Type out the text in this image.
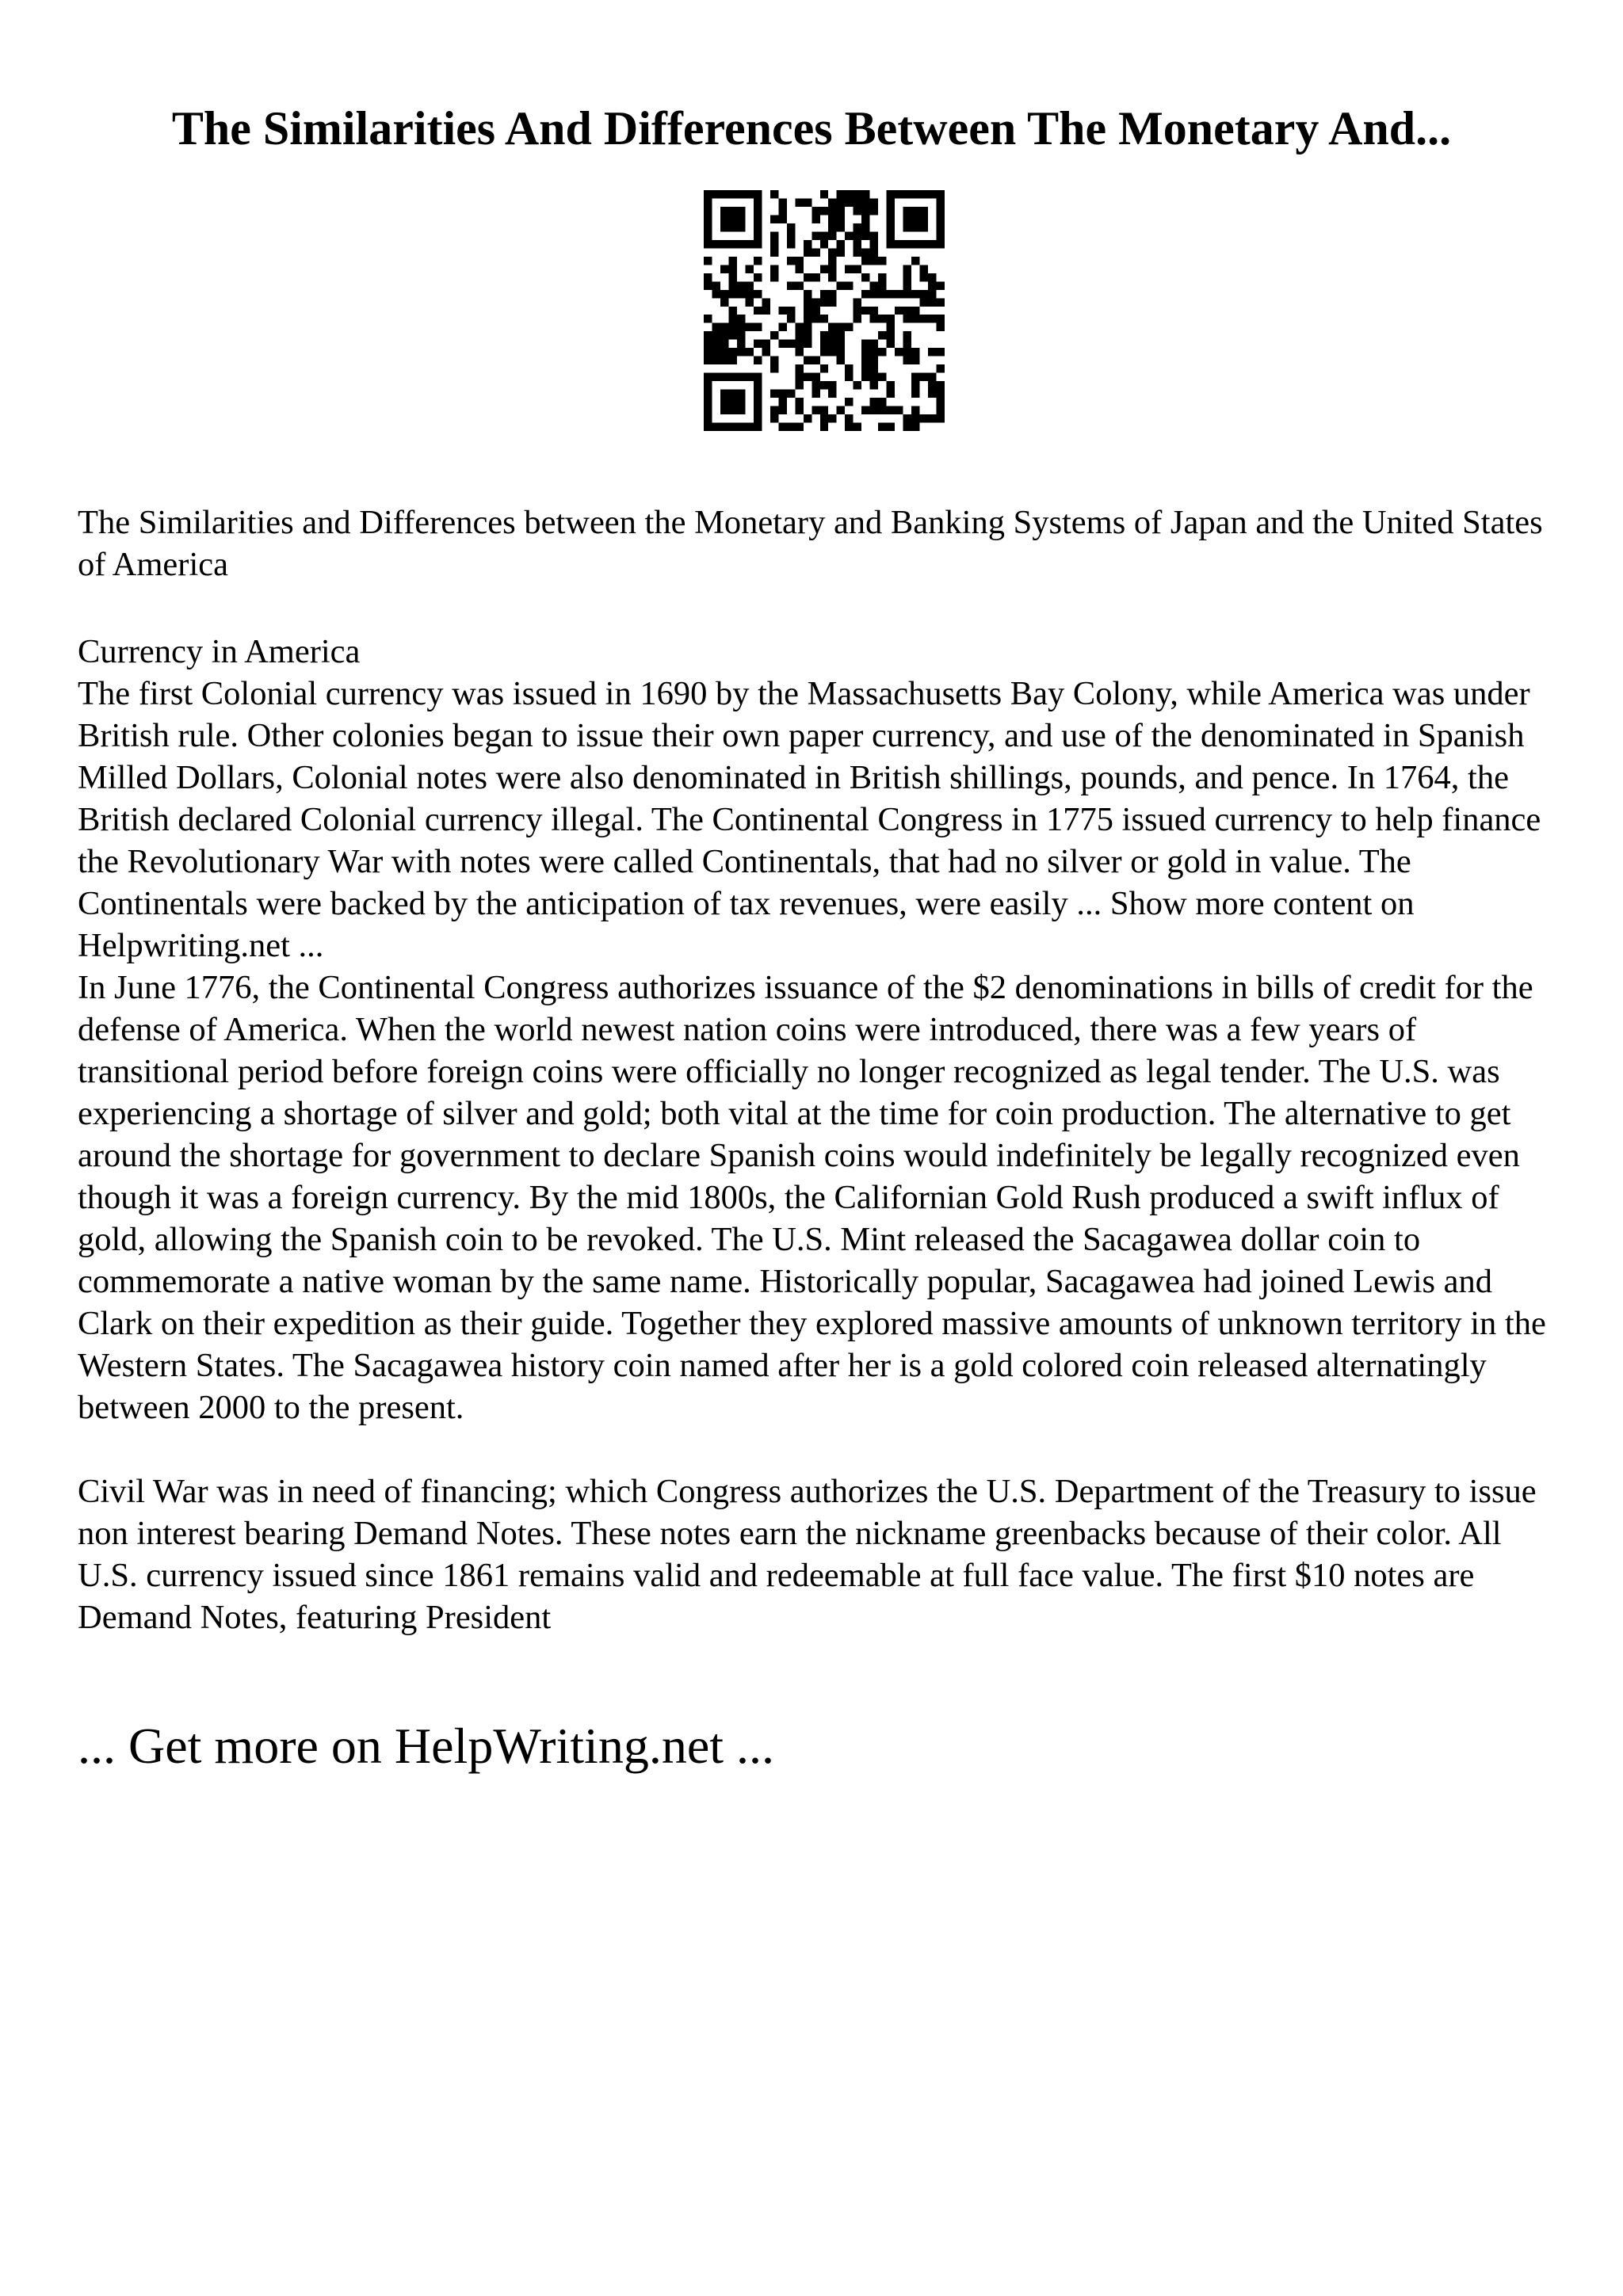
The Similarities And Differences Between The Monetary And...

The Similarities and Differences between the Monetary and Banking Systems of Japan and the United States of America

Currency in America

The first Colonial currency was issued in 1690 by the Massachusetts Bay Colony, while America was under British rule. Other colonies began to issue their own paper currency, and use of the denominated in Spanish Milled Dollars, Colonial notes were also denominated in British shillings, pounds, and pence. In 1764, the British declared Colonial currency illegal. The Continental Congress in 1775 issued currency to help finance the Revolutionary War with notes were called Continentals, that had no silver or gold in value. The Continentals were backed by the anticipation of tax revenues, were easily ... Show more content on Helpwriting.net ...

In June 1776, the Continental Congress authorizes issuance of the $2 denominations in bills of credit for the defense of America. When the world newest nation coins were introduced, there was a few years of transitional period before foreign coins were officially no longer recognized as legal tender. The U.S. was experiencing a shortage of silver and gold; both vital at the time for coin production. The alternative to get around the shortage for government to declare Spanish coins would indefinitely be legally recognized even though it was a foreign currency. By the mid 1800s, the Californian Gold Rush produced a swift influx of gold, allowing the Spanish coin to be revoked. The U.S. Mint released the Sacagawea dollar coin to commemorate a native woman by the same name. Historically popular, Sacagawea had joined Lewis and Clark on their expedition as their guide. Together they explored massive amounts of unknown territory in the Western States. The Sacagawea history coin named after her is a gold colored coin released alternatingly between 2000 to the present.

Civil War was in need of financing; which Congress authorizes the U.S. Department of the Treasury to issue non interest bearing Demand Notes. These notes earn the nickname greenbacks because of their color. All U.S. currency issued since 1861 remains valid and redeemable at full face value. The first $10 notes are Demand Notes, featuring President

... Get more on HelpWriting.net ...
